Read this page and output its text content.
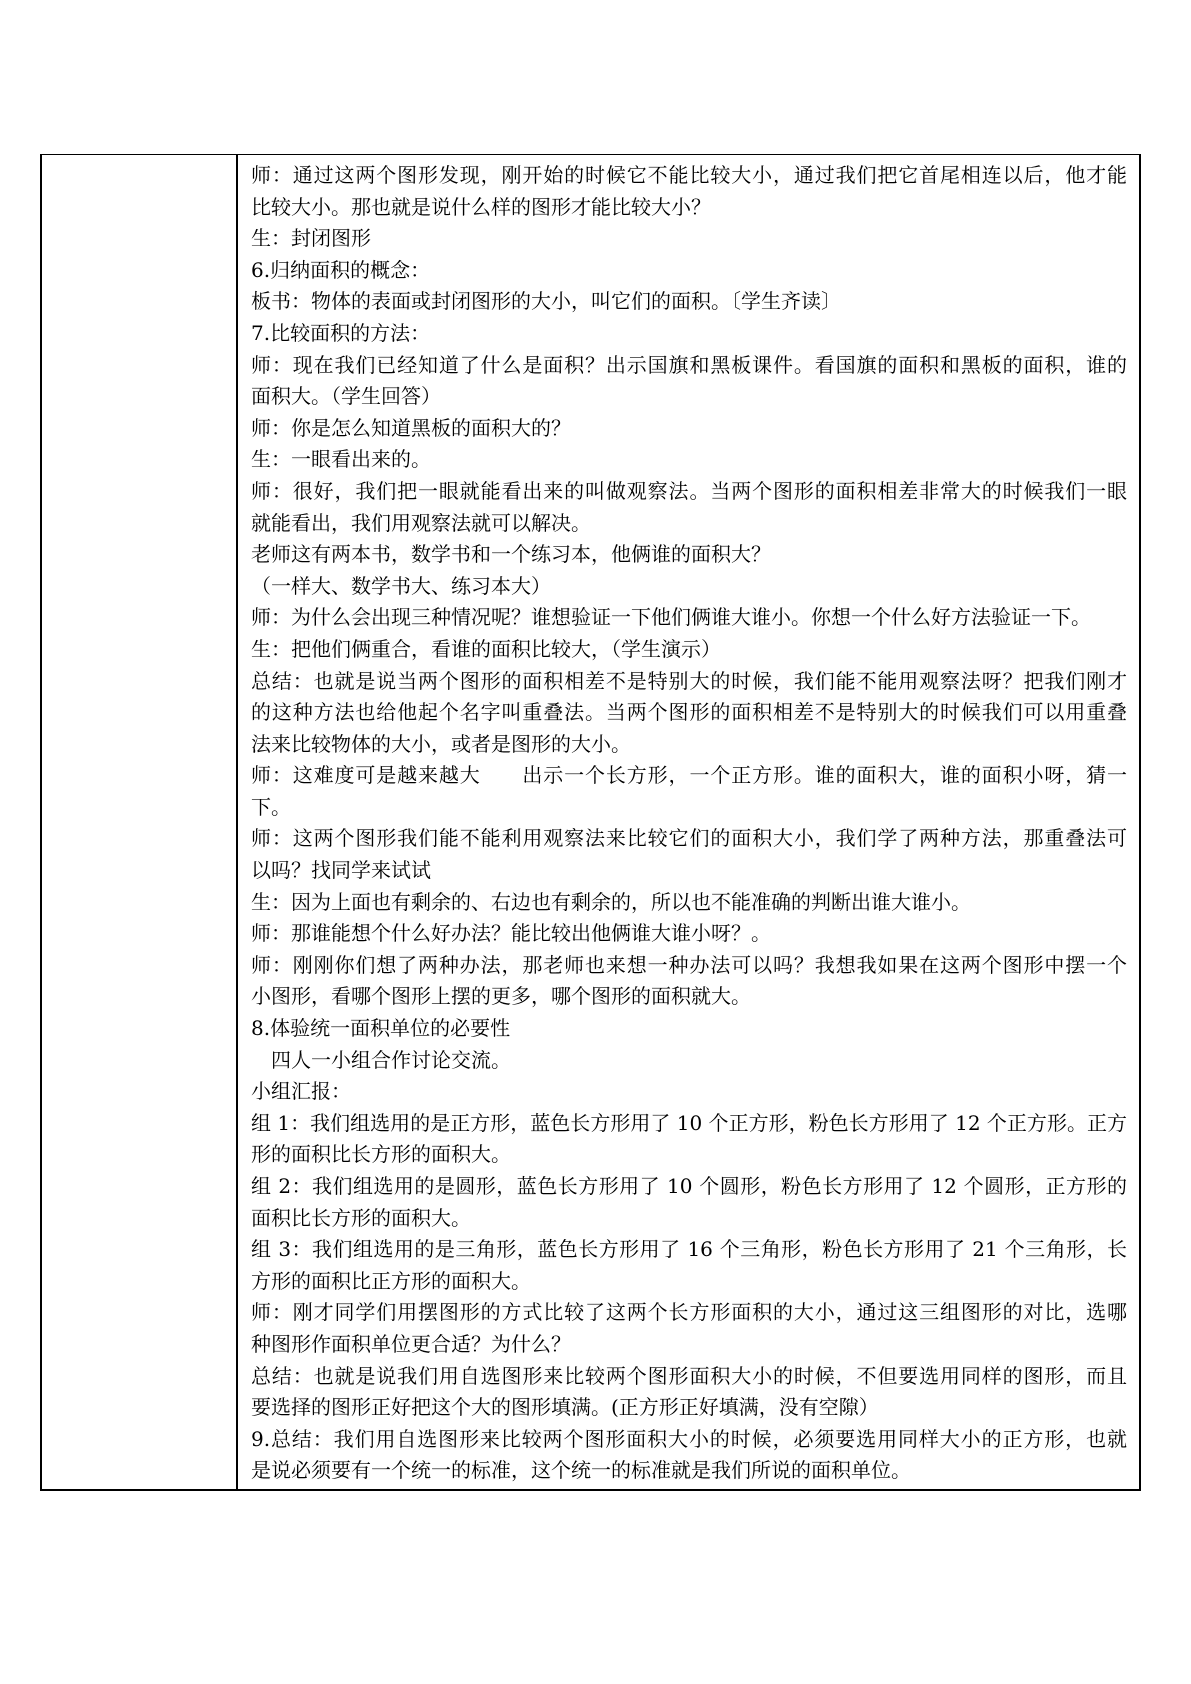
师：通过这两个图形发现，刚开始的时候它不能比较大小，通过我们把它首尾相连以后，他才能
比较大小。那也就是说什么样的图形才能比较大小？
生：封闭图形
6.归纳面积的概念：
板书：物体的表面或封闭图形的大小，叫它们的面积。〔学生齐读〕
7.比较面积的方法：
师：现在我们已经知道了什么是面积？出示国旗和黑板课件。看国旗的面积和黑板的面积，谁的
面积大。（学生回答）
师：你是怎么知道黑板的面积大的？
生：一眼看出来的。
师：很好，我们把一眼就能看出来的叫做观察法。当两个图形的面积相差非常大的时候我们一眼
就能看出，我们用观察法就可以解决。
老师这有两本书，数学书和一个练习本，他俩谁的面积大？
（一样大、数学书大、练习本大）
师：为什么会出现三种情况呢？谁想验证一下他们俩谁大谁小。你想一个什么好方法验证一下。
生：把他们俩重合，看谁的面积比较大，（学生演示）
总结：也就是说当两个图形的面积相差不是特别大的时候，我们能不能用观察法呀？把我们刚才
的这种方法也给他起个名字叫重叠法。当两个图形的面积相差不是特别大的时候我们可以用重叠
法来比较物体的大小，或者是图形的大小。
师：这难度可是越来越大　　出示一个长方形，一个正方形。谁的面积大，谁的面积小呀，猜一
下。
师：这两个图形我们能不能利用观察法来比较它们的面积大小，我们学了两种方法，那重叠法可
以吗？找同学来试试
生：因为上面也有剩余的、右边也有剩余的，所以也不能准确的判断出谁大谁小。
师：那谁能想个什么好办法？能比较出他俩谁大谁小呀？。
师：刚刚你们想了两种办法，那老师也来想一种办法可以吗？我想我如果在这两个图形中摆一个
小图形，看哪个图形上摆的更多，哪个图形的面积就大。
8.体验统一面积单位的必要性
四人一小组合作讨论交流。
小组汇报：
组 1：我们组选用的是正方形，蓝色长方形用了 10 个正方形，粉色长方形用了 12 个正方形。正方
形的面积比长方形的面积大。
组 2：我们组选用的是圆形，蓝色长方形用了 10 个圆形，粉色长方形用了 12 个圆形，正方形的
面积比长方形的面积大。
组 3：我们组选用的是三角形，蓝色长方形用了 16 个三角形，粉色长方形用了 21 个三角形，长
方形的面积比正方形的面积大。
师：刚才同学们用摆图形的方式比较了这两个长方形面积的大小，通过这三组图形的对比，选哪
种图形作面积单位更合适？为什么？
总结：也就是说我们用自选图形来比较两个图形面积大小的时候，不但要选用同样的图形，而且
要选择的图形正好把这个大的图形填满。(正方形正好填满，没有空隙）
9.总结：我们用自选图形来比较两个图形面积大小的时候，必须要选用同样大小的正方形，也就
是说必须要有一个统一的标准，这个统一的标准就是我们所说的面积单位。
